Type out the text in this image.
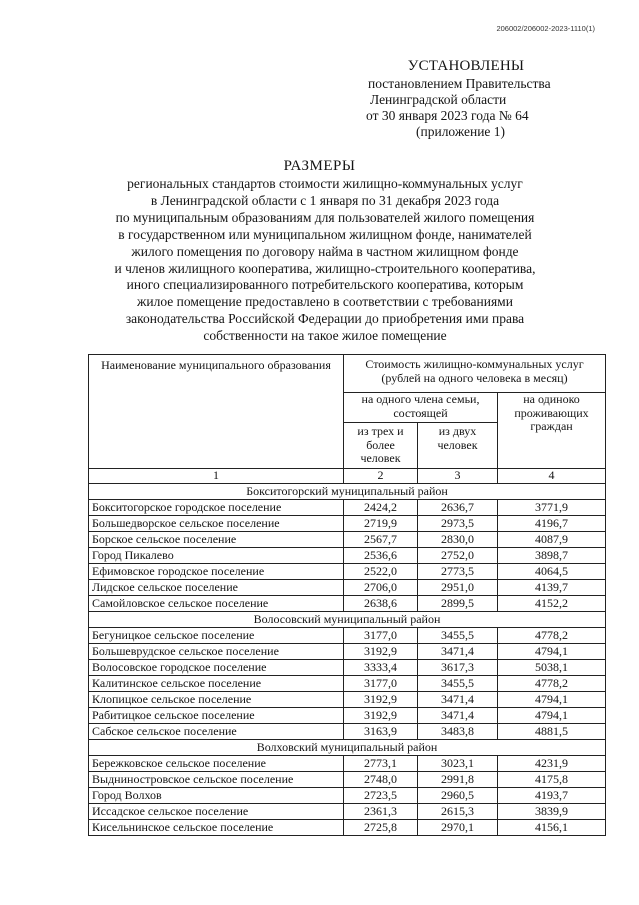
206002/206002-2023-1110(1)
УСТАНОВЛЕНЫ
постановлением Правительства
Ленинградской области
от 30 января 2023 года № 64
(приложение 1)
РАЗМЕРЫ
региональных стандартов стоимости жилищно-коммунальных услуг
в Ленинградской области с 1 января по 31 декабря 2023 года
по муниципальным образованиям для пользователей жилого помещения
в государственном или муниципальном жилищном фонде, нанимателей
жилого помещения по договору найма в частном жилищном фонде
и членов жилищного кооператива, жилищно-строительного кооператива,
иного специализированного потребительского кооператива, которым
жилое помещение предоставлено в соответствии с требованиями
законодательства Российской Федерации до приобретения ими права
собственности на такое жилое помещение
Наименование муниципального образования	Стоимость жилищно-коммунальных услуг (рублей на одного человека в месяц)		
	на одного члена семьи, состоящей		на одиноко проживающих граждан
	из трех и более человек	из двух человек	
1	2	3	4
Бокситогорский муниципальный район			
Бокситогорское городское поселение	2424,2	2636,7	3771,9
Большедворское сельское поселение	2719,9	2973,5	4196,7
Борское сельское поселение	2567,7	2830,0	4087,9
Город Пикалево	2536,6	2752,0	3898,7
Ефимовское городское поселение	2522,0	2773,5	4064,5
Лидское сельское поселение	2706,0	2951,0	4139,7
Самойловское сельское поселение	2638,6	2899,5	4152,2
Волосовский муниципальный район			
Бегуницкое сельское поселение	3177,0	3455,5	4778,2
Большеврудское сельское поселение	3192,9	3471,4	4794,1
Волосовское городское поселение	3333,4	3617,3	5038,1
Калитинское сельское поселение	3177,0	3455,5	4778,2
Клопицкое сельское поселение	3192,9	3471,4	4794,1
Рабитицкое сельское поселение	3192,9	3471,4	4794,1
Сабское сельское поселение	3163,9	3483,8	4881,5
Волховский муниципальный район			
Бережковское сельское поселение	2773,1	3023,1	4231,9
Выдниностровское сельское поселение	2748,0	2991,8	4175,8
Город Волхов	2723,5	2960,5	4193,7
Иссадское сельское поселение	2361,3	2615,3	3839,9
Кисельнинское сельское поселение	2725,8	2970,1	4156,1
